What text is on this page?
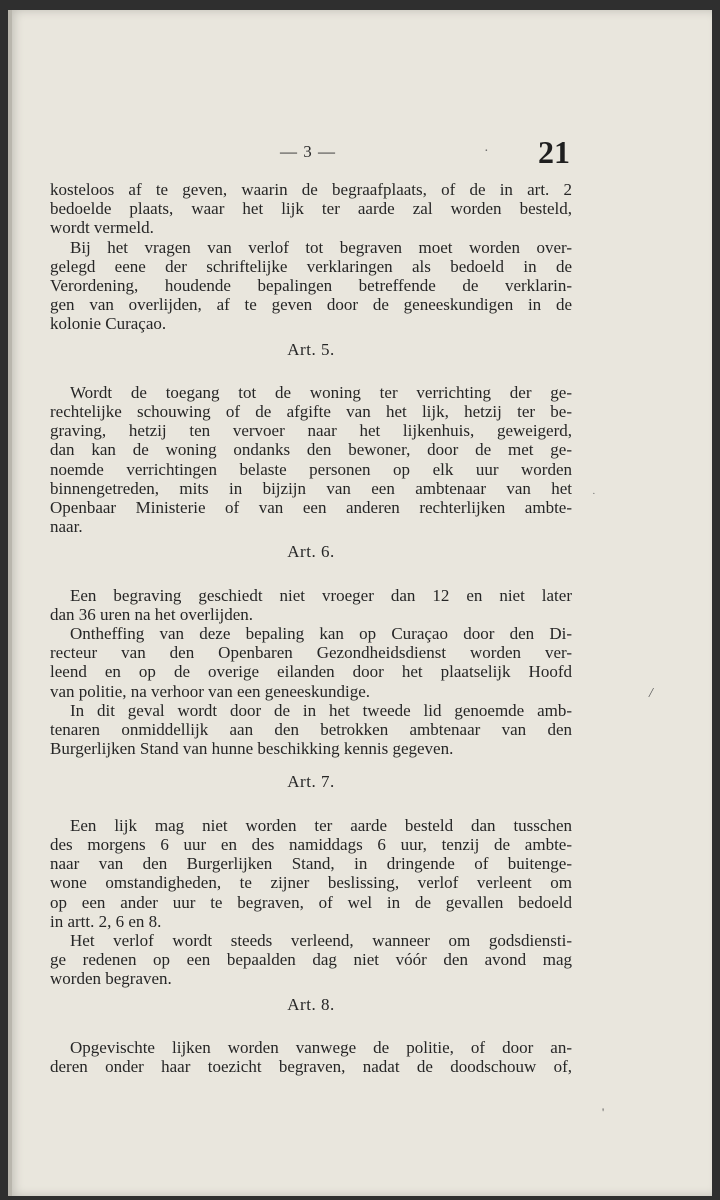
— 3 —	· 21
kosteloos af te geven, waarin de begraafplaats, of de in art. 2
bedoelde plaats, waar het lijk ter aarde zal worden besteld,
wordt vermeld.
Bij het vragen van verlof tot begraven moet worden over-
gelegd eene der schriftelijke verklaringen als bedoeld in de
Verordening, houdende bepalingen betreffende de verklarin-
gen van overlijden, af te geven door de geneeskundigen in de
kolonie Curaçao.
Art. 5.
Wordt de toegang tot de woning ter verrichting der ge-
rechtelijke schouwing of de afgifte van het lijk, hetzij ter be-
graving, hetzij ten vervoer naar het lijkenhuis, geweigerd,
dan kan de woning ondanks den bewoner, door de met ge-
noemde verrichtingen belaste personen op elk uur worden
binnengetreden, mits in bijzijn van een ambtenaar van het
Openbaar Ministerie of van een anderen rechterlijken ambte-
naar.
Art. 6.
Een begraving geschiedt niet vroeger dan 12 en niet later
dan 36 uren na het overlijden.
Ontheffing van deze bepaling kan op Curaçao door den Di-
recteur van den Openbaren Gezondheidsdienst worden ver-
leend en op de overige eilanden door het plaatselijk Hoofd
van politie, na verhoor van een geneeskundige.
In dit geval wordt door de in het tweede lid genoemde amb-
tenaren onmiddellijk aan den betrokken ambtenaar van den
Burgerlijken Stand van hunne beschikking kennis gegeven.
Art. 7.
Een lijk mag niet worden ter aarde besteld dan tusschen
des morgens 6 uur en des namiddags 6 uur, tenzij de ambte-
naar van den Burgerlijken Stand, in dringende of buitenge-
wone omstandigheden, te zijner beslissing, verlof verleent om
op een ander uur te begraven, of wel in de gevallen bedoeld
in artt. 2, 6 en 8.
Het verlof wordt steeds verleend, wanneer om godsdiensti-
ge redenen op een bepaalden dag niet vóór den avond mag
worden begraven.
Art. 8.
Opgevischte lijken worden vanwege de politie, of door an-
deren onder haar toezicht begraven, nadat de doodschouw of,
/
'
·
